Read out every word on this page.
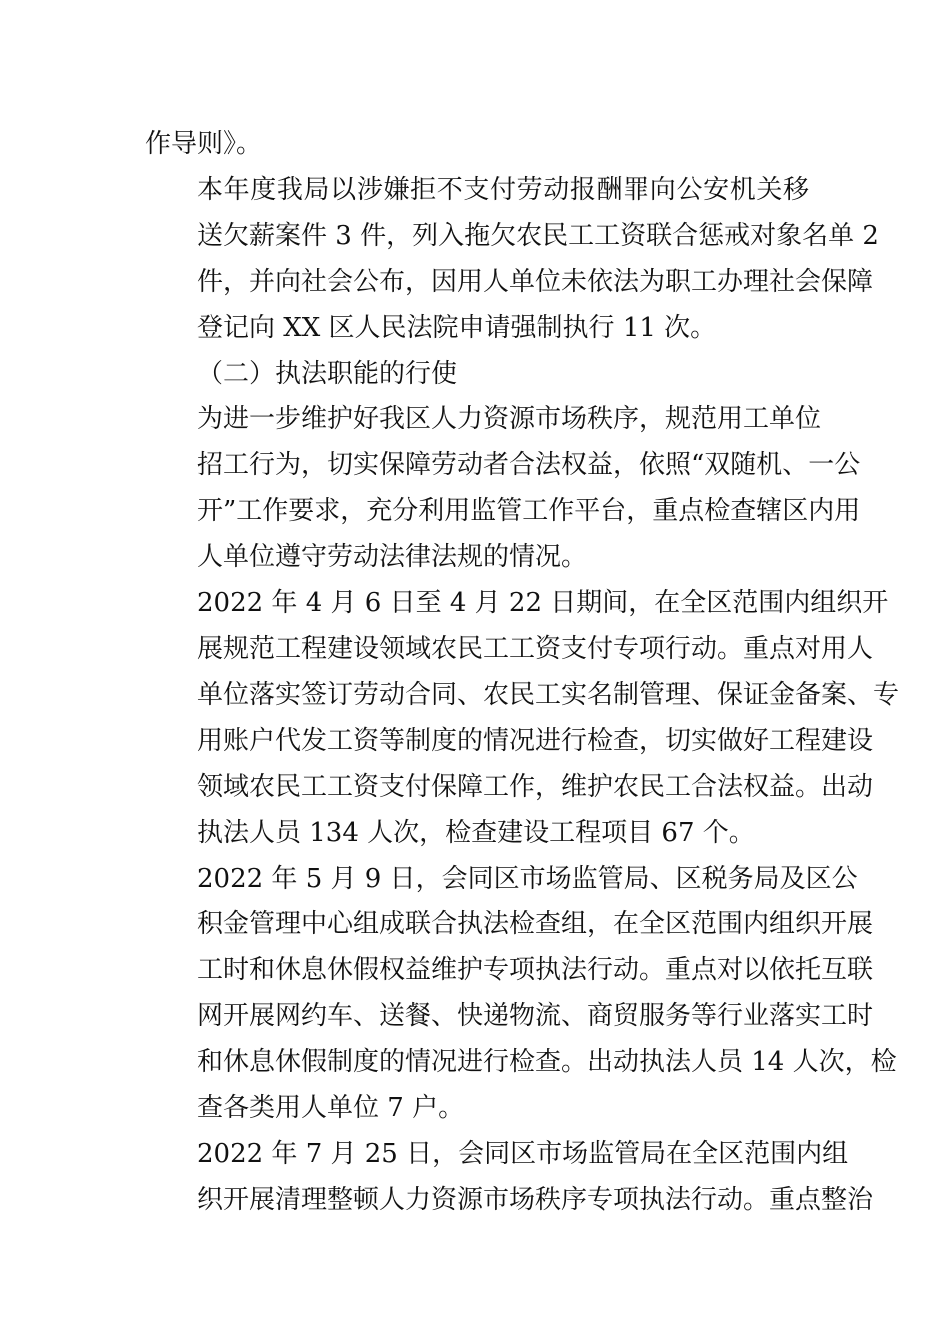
作导则》。
本年度我局以涉嫌拒不支付劳动报酬罪向公安机关移
送欠薪案件 3 件，列入拖欠农民工工资联合惩戒对象名单 2
件，并向社会公布，因用人单位未依法为职工办理社会保障
登记向 XX 区人民法院申请强制执行 11 次。
（二）执法职能的行使
为进一步维护好我区人力资源市场秩序，规范用工单位
招工行为，切实保障劳动者合法权益，依照“双随机、一公
开”工作要求，充分利用监管工作平台，重点检查辖区内用
人单位遵守劳动法律法规的情况。
2022 年 4 月 6 日至 4 月 22 日期间，在全区范围内组织开
展规范工程建设领域农民工工资支付专项行动。重点对用人
单位落实签订劳动合同、农民工实名制管理、保证金备案、专
用账户代发工资等制度的情况进行检查，切实做好工程建设
领域农民工工资支付保障工作，维护农民工合法权益。出动
执法人员 134 人次，检查建设工程项目 67 个。
2022 年 5 月 9 日，会同区市场监管局、区税务局及区公
积金管理中心组成联合执法检查组，在全区范围内组织开展
工时和休息休假权益维护专项执法行动。重点对以依托互联
网开展网约车、送餐、快递物流、商贸服务等行业落实工时
和休息休假制度的情况进行检查。出动执法人员 14 人次，检
查各类用人单位 7 户。
2022 年 7 月 25 日，会同区市场监管局在全区范围内组
织开展清理整顿人力资源市场秩序专项执法行动。重点整治
